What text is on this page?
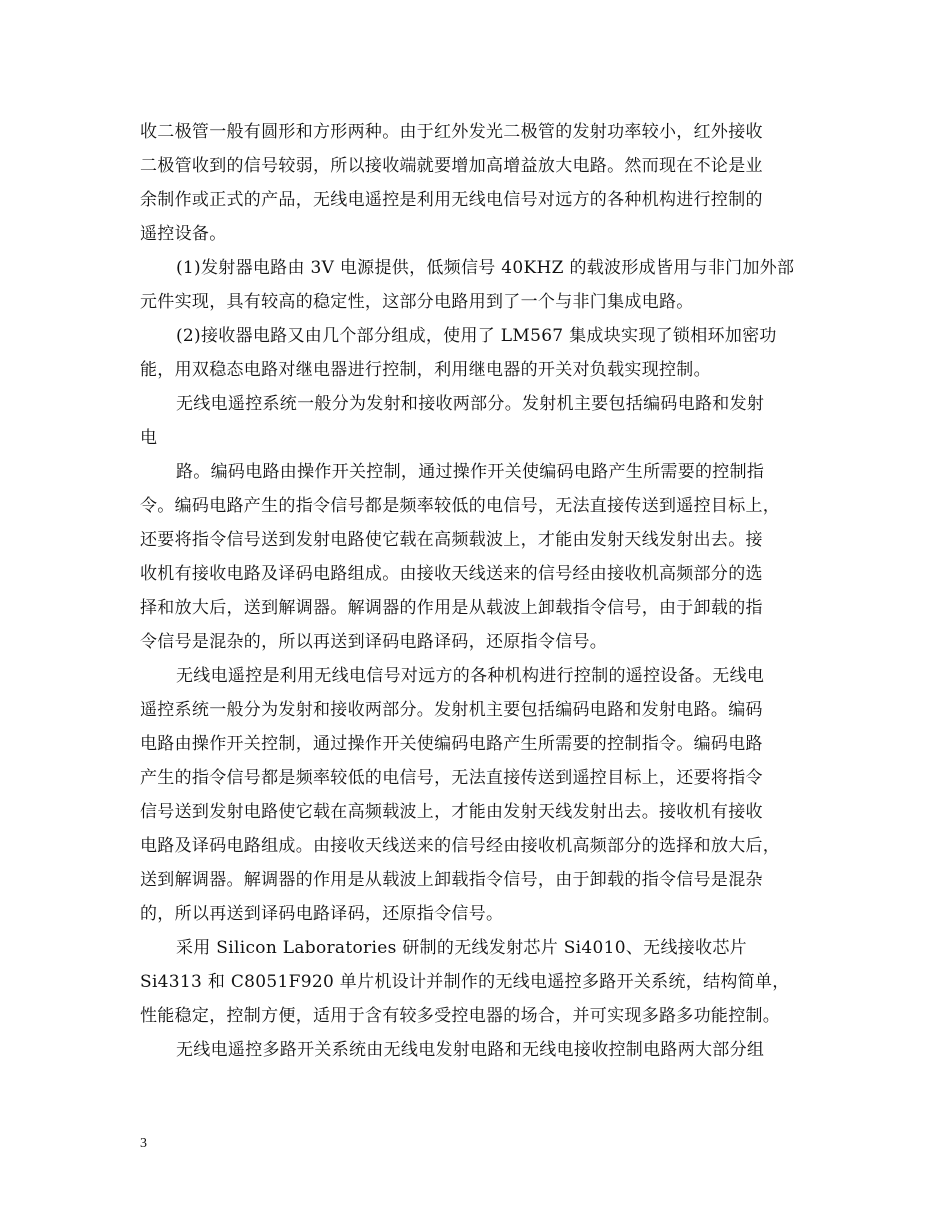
收二极管一般有圆形和方形两种。由于红外发光二极管的发射功率较小，红外接收
二极管收到的信号较弱，所以接收端就要增加高增益放大电路。然而现在不论是业
余制作或正式的产品，无线电遥控是利用无线电信号对远方的各种机构进行控制的
遥控设备。
(1)发射器电路由 3V 电源提供，低频信号 40KHZ 的载波形成皆用与非门加外部
元件实现，具有较高的稳定性，这部分电路用到了一个与非门集成电路。
(2)接收器电路又由几个部分组成，使用了 LM567 集成块实现了锁相环加密功
能，用双稳态电路对继电器进行控制，利用继电器的开关对负载实现控制。
无线电遥控系统一般分为发射和接收两部分。发射机主要包括编码电路和发射
电
路。编码电路由操作开关控制，通过操作开关使编码电路产生所需要的控制指
令。编码电路产生的指令信号都是频率较低的电信号，无法直接传送到遥控目标上，
还要将指令信号送到发射电路使它载在高频载波上，才能由发射天线发射出去。接
收机有接收电路及译码电路组成。由接收天线送来的信号经由接收机高频部分的选
择和放大后，送到解调器。解调器的作用是从载波上卸载指令信号，由于卸载的指
令信号是混杂的，所以再送到译码电路译码，还原指令信号。
无线电遥控是利用无线电信号对远方的各种机构进行控制的遥控设备。无线电
遥控系统一般分为发射和接收两部分。发射机主要包括编码电路和发射电路。编码
电路由操作开关控制，通过操作开关使编码电路产生所需要的控制指令。编码电路
产生的指令信号都是频率较低的电信号，无法直接传送到遥控目标上，还要将指令
信号送到发射电路使它载在高频载波上，才能由发射天线发射出去。接收机有接收
电路及译码电路组成。由接收天线送来的信号经由接收机高频部分的选择和放大后，
送到解调器。解调器的作用是从载波上卸载指令信号，由于卸载的指令信号是混杂
的，所以再送到译码电路译码，还原指令信号。
采用 Silicon Laboratories 研制的无线发射芯片 Si4010、无线接收芯片
Si4313 和 C8051F920 单片机设计并制作的无线电遥控多路开关系统，结构简单，
性能稳定，控制方便，适用于含有较多受控电器的场合，并可实现多路多功能控制。
无线电遥控多路开关系统由无线电发射电路和无线电接收控制电路两大部分组
3
